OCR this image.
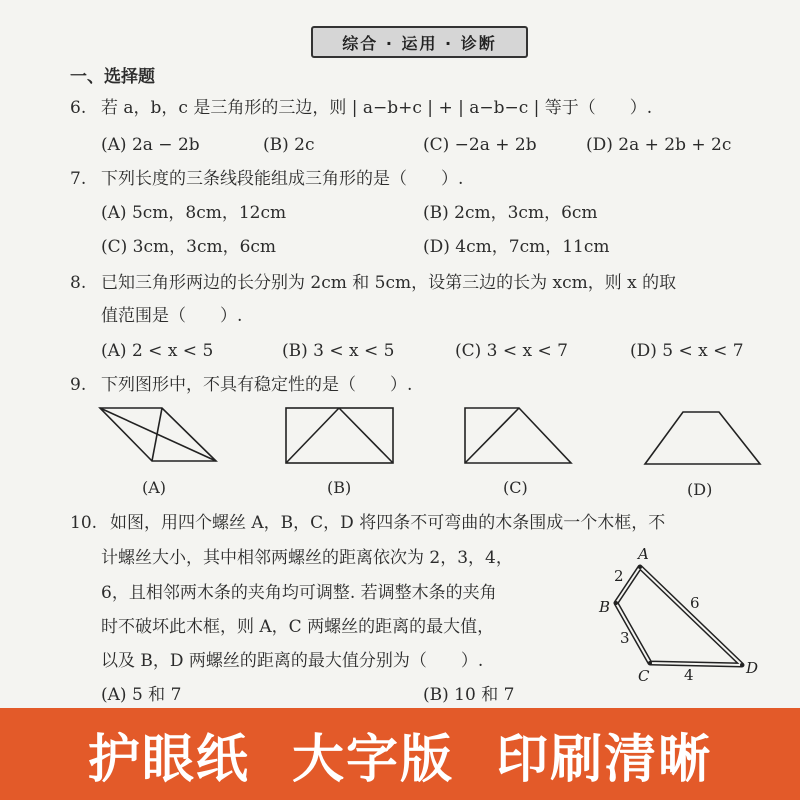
综合 · 运用 · 诊断
一、选择题
6. 若 a，b，c 是三角形的三边，则 | a−b+c | + | a−b−c | 等于（　　）.
(A) 2a − 2b	(B) 2c	(C) −2a + 2b	(D) 2a + 2b + 2c
7. 下列长度的三条线段能组成三角形的是（　　）.
(A) 5cm，8cm，12cm	(B) 2cm，3cm，6cm
(C) 3cm，3cm，6cm	(D) 4cm，7cm，11cm
8. 已知三角形两边的长分别为 2cm 和 5cm，设第三边的长为 xcm，则 x 的取
值范围是（　　）.
(A) 2 < x < 5	(B) 3 < x < 5	(C) 3 < x < 7	(D) 5 < x < 7
9. 下列图形中，不具有稳定性的是（　　）.
(A)	(B)	(C)	(D)
10. 如图，用四个螺丝 A，B，C，D 将四条不可弯曲的木条围成一个木框，不
计螺丝大小，其中相邻两螺丝的距离依次为 2，3，4，
6，且相邻两木条的夹角均可调整. 若调整木条的夹角
时不破坏此木框，则 A，C 两螺丝的距离的最大值，
以及 B，D 两螺丝的距离的最大值分别为（　　）.
(A) 5 和 7	(B) 10 和 7
A
B
C	D
2
3
4
6
护眼纸 大字版 印刷清晰
